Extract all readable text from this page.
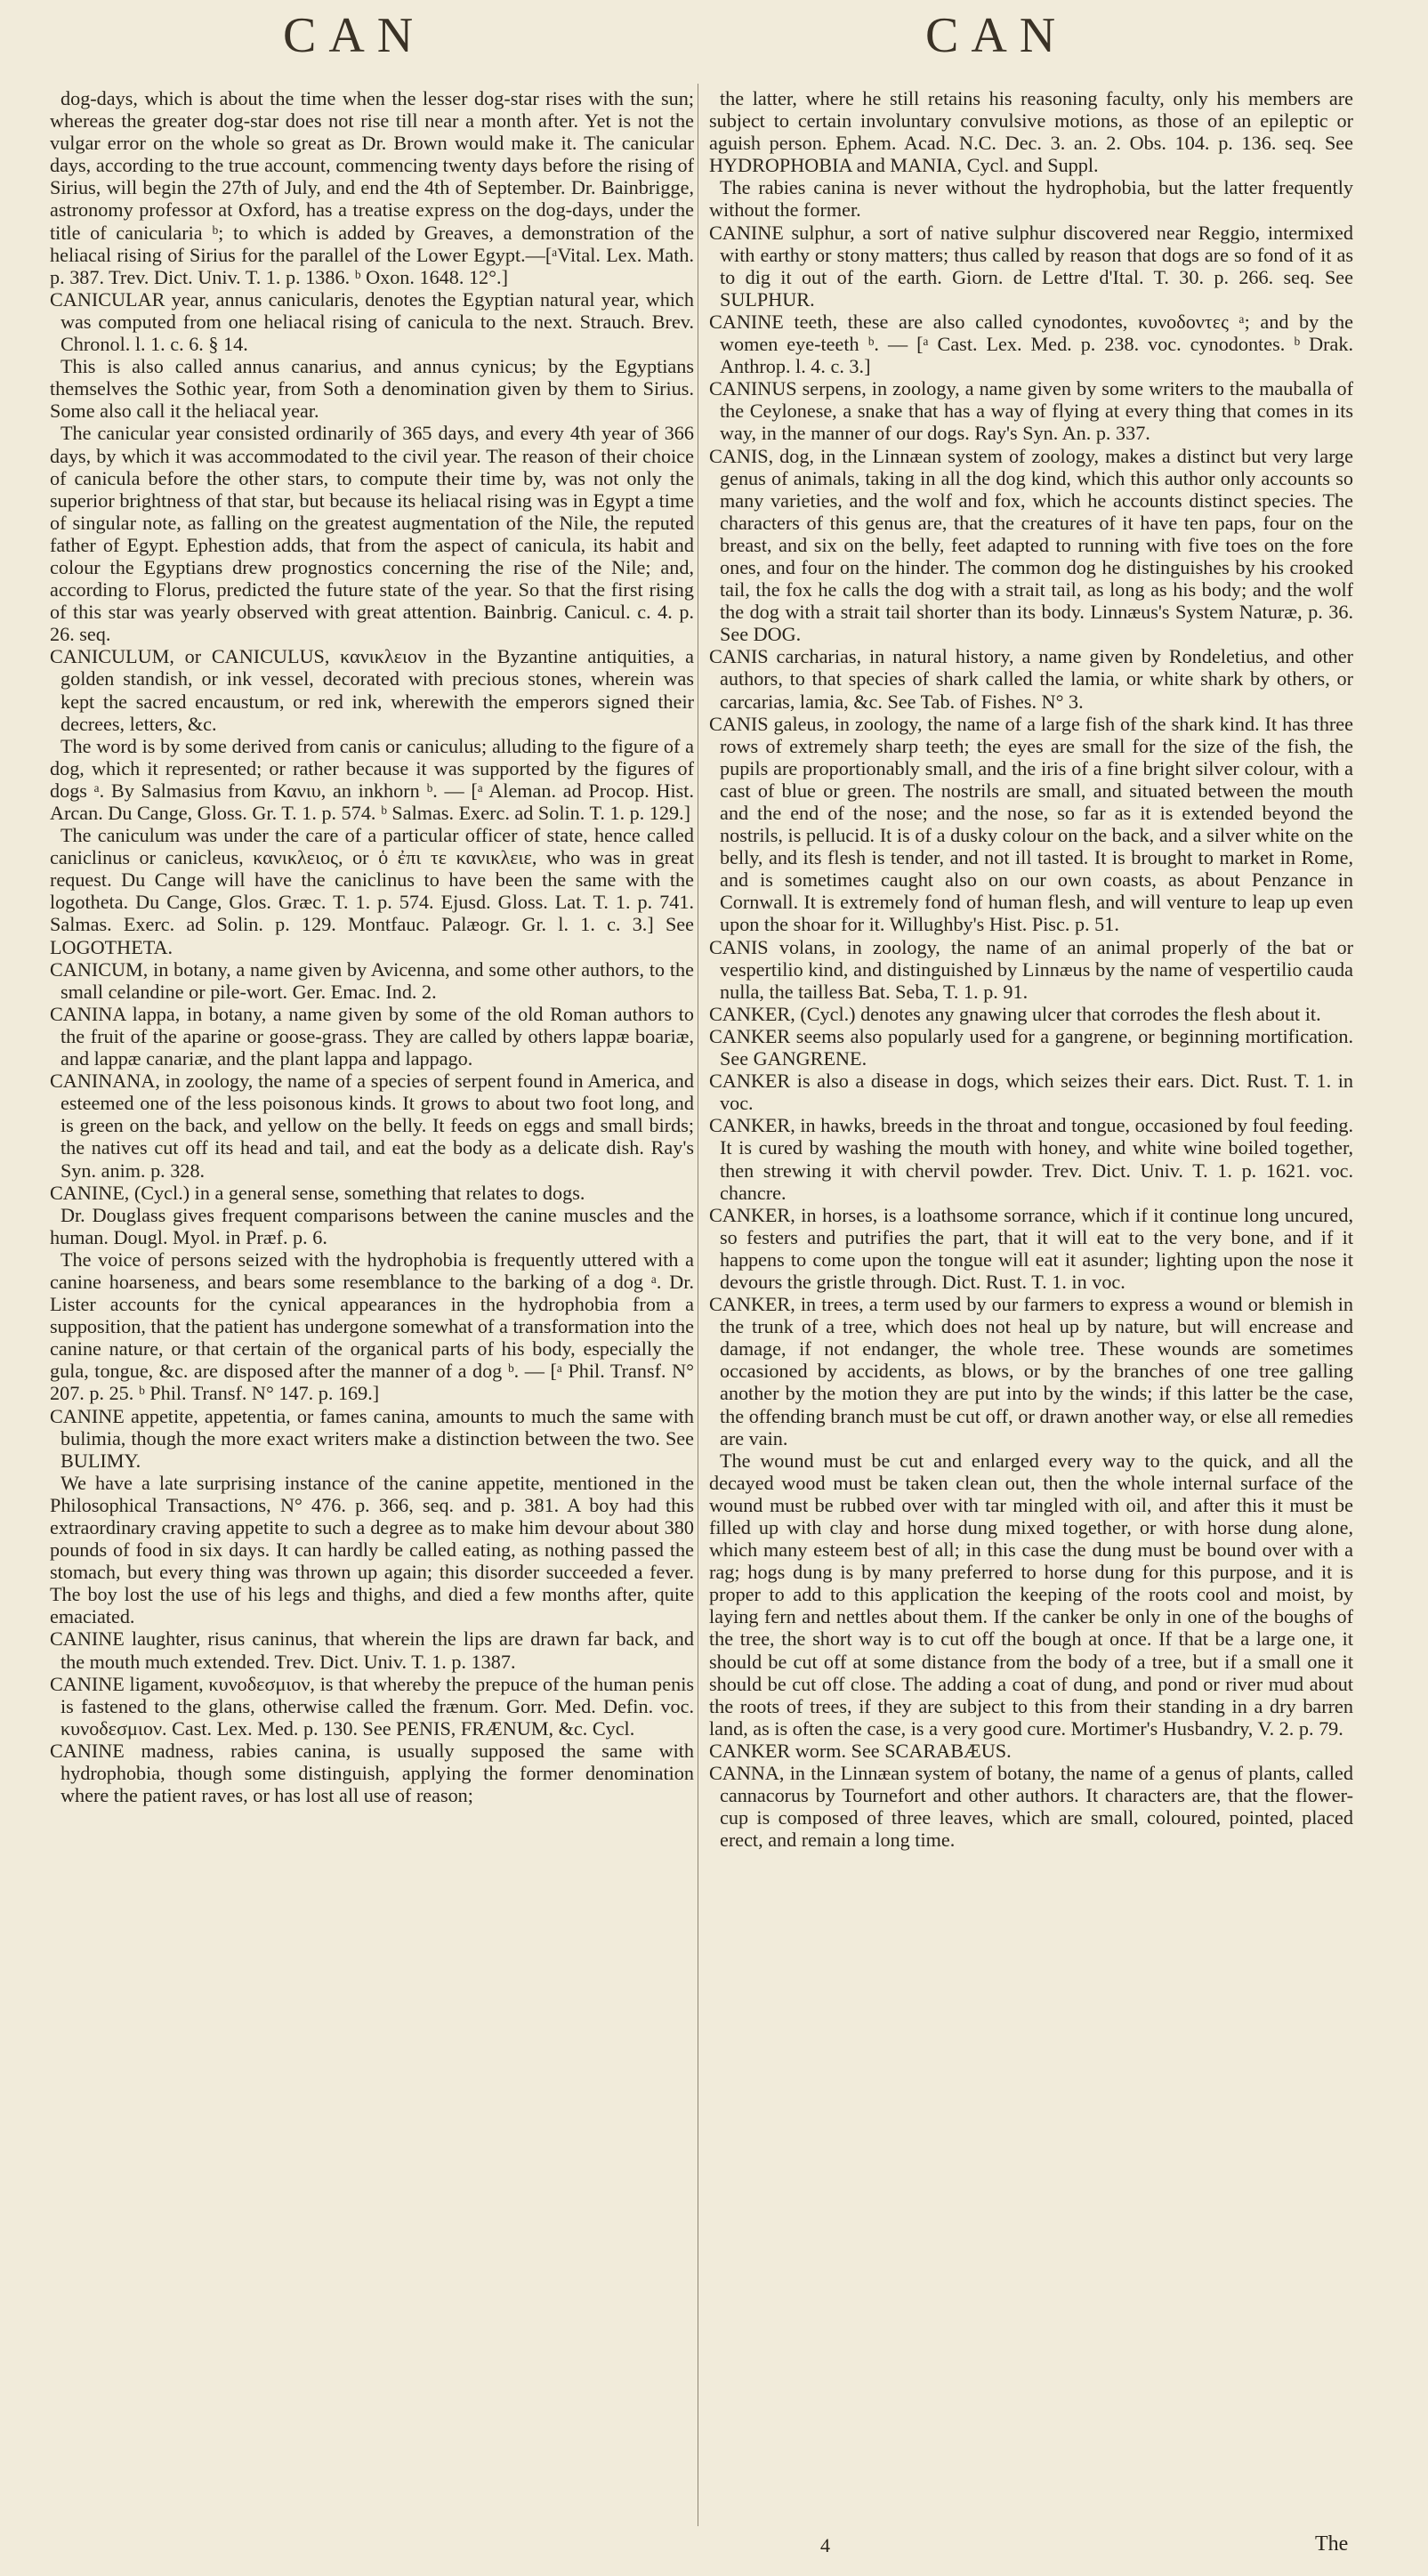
CAN	CAN

dog-days, which is about the time when the lesser dog-star rises with the sun; whereas the greater dog-star does not rise till near a month after. Yet is not the vulgar error on the whole so great as Dr. Brown would make it. The canicular days, according to the true account, commencing twenty days before the rising of Sirius, will begin the 27th of July, and end the 4th of September. Dr. Bainbrigge, astronomy professor at Oxford, has a treatise express on the dog-days, under the title of canicularia ᵇ; to which is added by Greaves, a demonstration of the heliacal rising of Sirius for the parallel of the Lower Egypt.—[ᵃVital. Lex. Math. p. 387. Trev. Dict. Univ. T. 1. p. 1386. ᵇ Oxon. 1648. 12°.]

CANICULAR year, annus canicularis, denotes the Egyptian natural year, which was computed from one heliacal rising of canicula to the next. Strauch. Brev. Chronol. l. 1. c. 6. § 14.

This is also called annus canarius, and annus cynicus; by the Egyptians themselves the Sothic year, from Soth a denomination given by them to Sirius. Some also call it the heliacal year.

The canicular year consisted ordinarily of 365 days, and every 4th year of 366 days, by which it was accommodated to the civil year. The reason of their choice of canicula before the other stars, to compute their time by, was not only the superior brightness of that star, but because its heliacal rising was in Egypt a time of singular note, as falling on the greatest augmentation of the Nile, the reputed father of Egypt. Ephestion adds, that from the aspect of canicula, its habit and colour the Egyptians drew prognostics concerning the rise of the Nile; and, according to Florus, predicted the future state of the year. So that the first rising of this star was yearly observed with great attention. Bainbrig. Canicul. c. 4. p. 26. seq.

CANICULUM, or CANICULUS, κανικλειον in the Byzantine antiquities, a golden standish, or ink vessel, decorated with precious stones, wherein was kept the sacred encaustum, or red ink, wherewith the emperors signed their decrees, letters, &c.

The word is by some derived from canis or caniculus; alluding to the figure of a dog, which it represented; or rather because it was supported by the figures of dogs ᵃ. By Salmasius from Κανιυ, an inkhorn ᵇ. — [ᵃ Aleman. ad Procop. Hist. Arcan. Du Cange, Gloss. Gr. T. 1. p. 574. ᵇ Salmas. Exerc. ad Solin. T. 1. p. 129.]

The caniculum was under the care of a particular officer of state, hence called caniclinus or canicleus, κανικλειος, or ὁ ἐπι τε κανικλειε, who was in great request. Du Cange will have the caniclinus to have been the same with the logotheta. Du Cange, Glos. Græc. T. 1. p. 574. Ejusd. Gloss. Lat. T. 1. p. 741. Salmas. Exerc. ad Solin. p. 129. Montfauc. Palæogr. Gr. l. 1. c. 3.] See LOGOTHETA.

CANICUM, in botany, a name given by Avicenna, and some other authors, to the small celandine or pile-wort. Ger. Emac. Ind. 2.

CANINA lappa, in botany, a name given by some of the old Roman authors to the fruit of the aparine or goose-grass. They are called by others lappæ boariæ, and lappæ canariæ, and the plant lappa and lappago.

CANINANA, in zoology, the name of a species of serpent found in America, and esteemed one of the less poisonous kinds. It grows to about two foot long, and is green on the back, and yellow on the belly. It feeds on eggs and small birds; the natives cut off its head and tail, and eat the body as a delicate dish. Ray's Syn. anim. p. 328.

CANINE, (Cycl.) in a general sense, something that relates to dogs.

Dr. Douglass gives frequent comparisons between the canine muscles and the human. Dougl. Myol. in Præf. p. 6.

The voice of persons seized with the hydrophobia is frequently uttered with a canine hoarseness, and bears some resemblance to the barking of a dog ᵃ. Dr. Lister accounts for the cynical appearances in the hydrophobia from a supposition, that the patient has undergone somewhat of a transformation into the canine nature, or that certain of the organical parts of his body, especially the gula, tongue, &c. are disposed after the manner of a dog ᵇ. — [ᵃ Phil. Transf. N° 207. p. 25. ᵇ Phil. Transf. N° 147. p. 169.]

CANINE appetite, appetentia, or fames canina, amounts to much the same with bulimia, though the more exact writers make a distinction between the two. See BULIMY.

We have a late surprising instance of the canine appetite, mentioned in the Philosophical Transactions, N° 476. p. 366, seq. and p. 381. A boy had this extraordinary craving appetite to such a degree as to make him devour about 380 pounds of food in six days. It can hardly be called eating, as nothing passed the stomach, but every thing was thrown up again; this disorder succeeded a fever. The boy lost the use of his legs and thighs, and died a few months after, quite emaciated.

CANINE laughter, risus caninus, that wherein the lips are drawn far back, and the mouth much extended. Trev. Dict. Univ. T. 1. p. 1387.

CANINE ligament, κυνοδεσμιον, is that whereby the prepuce of the human penis is fastened to the glans, otherwise called the frænum. Gorr. Med. Defin. voc. κυνοδεσμιον. Cast. Lex. Med. p. 130. See PENIS, FRÆNUM, &c. Cycl.

CANINE madness, rabies canina, is usually supposed the same with hydrophobia, though some distinguish, applying the former denomination where the patient raves, or has lost all use of reason;

the latter, where he still retains his reasoning faculty, only his members are subject to certain involuntary convulsive motions, as those of an epileptic or aguish person. Ephem. Acad. N.C. Dec. 3. an. 2. Obs. 104. p. 136. seq. See HYDROPHOBIA and MANIA, Cycl. and Suppl.

The rabies canina is never without the hydrophobia, but the latter frequently without the former.

CANINE sulphur, a sort of native sulphur discovered near Reggio, intermixed with earthy or stony matters; thus called by reason that dogs are so fond of it as to dig it out of the earth. Giorn. de Lettre d'Ital. T. 30. p. 266. seq. See SULPHUR.

CANINE teeth, these are also called cynodontes, κυνοδοντες ᵃ; and by the women eye-teeth ᵇ. — [ᵃ Cast. Lex. Med. p. 238. voc. cynodontes. ᵇ Drak. Anthrop. l. 4. c. 3.]

CANINUS serpens, in zoology, a name given by some writers to the mauballa of the Ceylonese, a snake that has a way of flying at every thing that comes in its way, in the manner of our dogs. Ray's Syn. An. p. 337.

CANIS, dog, in the Linnæan system of zoology, makes a distinct but very large genus of animals, taking in all the dog kind, which this author only accounts so many varieties, and the wolf and fox, which he accounts distinct species. The characters of this genus are, that the creatures of it have ten paps, four on the breast, and six on the belly, feet adapted to running with five toes on the fore ones, and four on the hinder. The common dog he distinguishes by his crooked tail, the fox he calls the dog with a strait tail, as long as his body; and the wolf the dog with a strait tail shorter than its body. Linnæus's System Naturæ, p. 36. See DOG.

CANIS carcharias, in natural history, a name given by Rondeletius, and other authors, to that species of shark called the lamia, or white shark by others, or carcarias, lamia, &c. See Tab. of Fishes. N° 3.

CANIS galeus, in zoology, the name of a large fish of the shark kind. It has three rows of extremely sharp teeth; the eyes are small for the size of the fish, the pupils are proportionably small, and the iris of a fine bright silver colour, with a cast of blue or green. The nostrils are small, and situated between the mouth and the end of the nose; and the nose, so far as it is extended beyond the nostrils, is pellucid. It is of a dusky colour on the back, and a silver white on the belly, and its flesh is tender, and not ill tasted. It is brought to market in Rome, and is sometimes caught also on our own coasts, as about Penzance in Cornwall. It is extremely fond of human flesh, and will venture to leap up even upon the shoar for it. Willughby's Hist. Pisc. p. 51.

CANIS volans, in zoology, the name of an animal properly of the bat or vespertilio kind, and distinguished by Linnæus by the name of vespertilio cauda nulla, the tailless Bat. Seba, T. 1. p. 91.

CANKER, (Cycl.) denotes any gnawing ulcer that corrodes the flesh about it.

CANKER seems also popularly used for a gangrene, or beginning mortification. See GANGRENE.

CANKER is also a disease in dogs, which seizes their ears. Dict. Rust. T. 1. in voc.

CANKER, in hawks, breeds in the throat and tongue, occasioned by foul feeding. It is cured by washing the mouth with honey, and white wine boiled together, then strewing it with chervil powder. Trev. Dict. Univ. T. 1. p. 1621. voc. chancre.

CANKER, in horses, is a loathsome sorrance, which if it continue long uncured, so festers and putrifies the part, that it will eat to the very bone, and if it happens to come upon the tongue will eat it asunder; lighting upon the nose it devours the gristle through. Dict. Rust. T. 1. in voc.

CANKER, in trees, a term used by our farmers to express a wound or blemish in the trunk of a tree, which does not heal up by nature, but will encrease and damage, if not endanger, the whole tree. These wounds are sometimes occasioned by accidents, as blows, or by the branches of one tree galling another by the motion they are put into by the winds; if this latter be the case, the offending branch must be cut off, or drawn another way, or else all remedies are vain.

The wound must be cut and enlarged every way to the quick, and all the decayed wood must be taken clean out, then the whole internal surface of the wound must be rubbed over with tar mingled with oil, and after this it must be filled up with clay and horse dung mixed together, or with horse dung alone, which many esteem best of all; in this case the dung must be bound over with a rag; hogs dung is by many preferred to horse dung for this purpose, and it is proper to add to this application the keeping of the roots cool and moist, by laying fern and nettles about them. If the canker be only in one of the boughs of the tree, the short way is to cut off the bough at once. If that be a large one, it should be cut off at some distance from the body of a tree, but if a small one it should be cut off close. The adding a coat of dung, and pond or river mud about the roots of trees, if they are subject to this from their standing in a dry barren land, as is often the case, is a very good cure. Mortimer's Husbandry, V. 2. p. 79.

CANKER worm. See SCARABÆUS.

CANNA, in the Linnæan system of botany, the name of a genus of plants, called cannacorus by Tournefort and other authors. It characters are, that the flower-cup is composed of three leaves, which are small, coloured, pointed, placed erect, and remain a long time.

4	The
